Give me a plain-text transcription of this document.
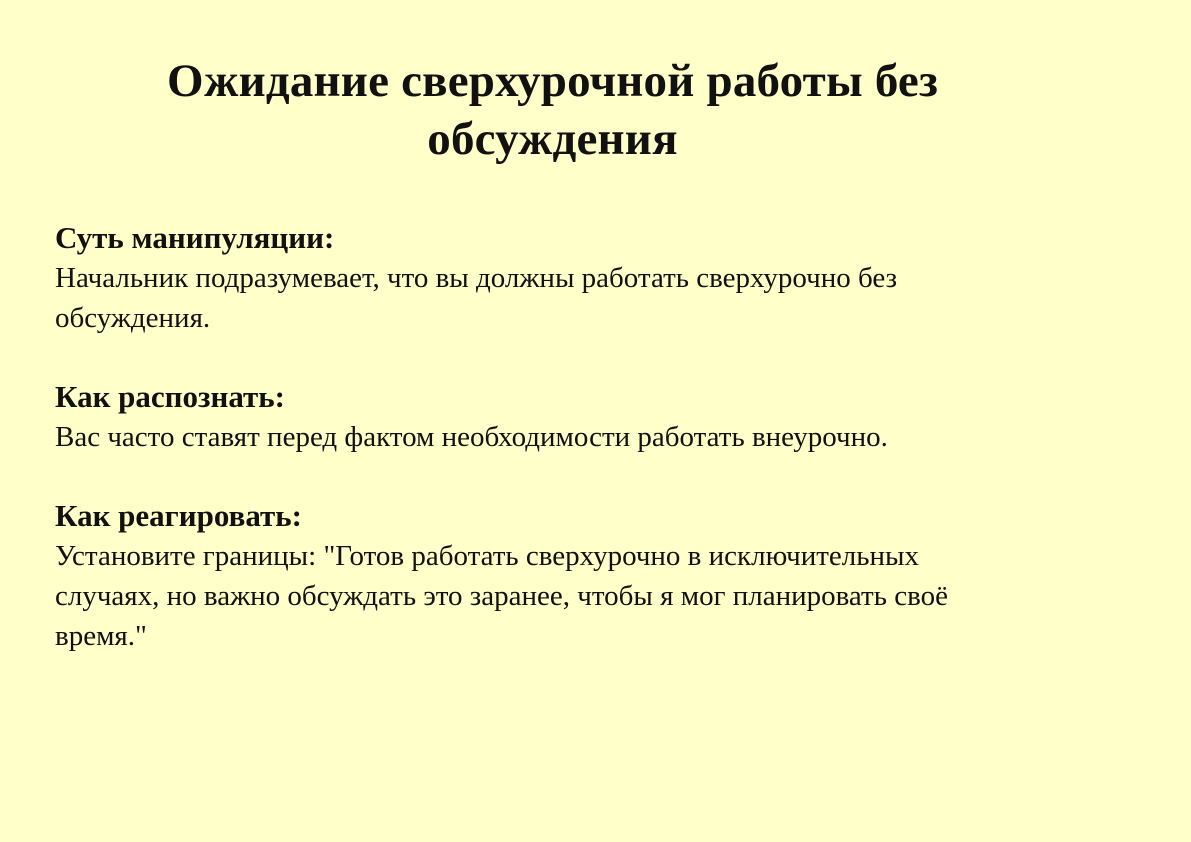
Ожидание сверхурочной работы без обсуждения
Суть манипуляции:

Начальник подразумевает, что вы должны работать сверхурочно без обсуждения.

Как распознать:

Вас часто ставят перед фактом необходимости работать внеурочно.

Как реагировать:

Установите границы: "Готов работать сверхурочно в исключительных случаях, но важно обсуждать это заранее, чтобы я мог планировать своё время."
